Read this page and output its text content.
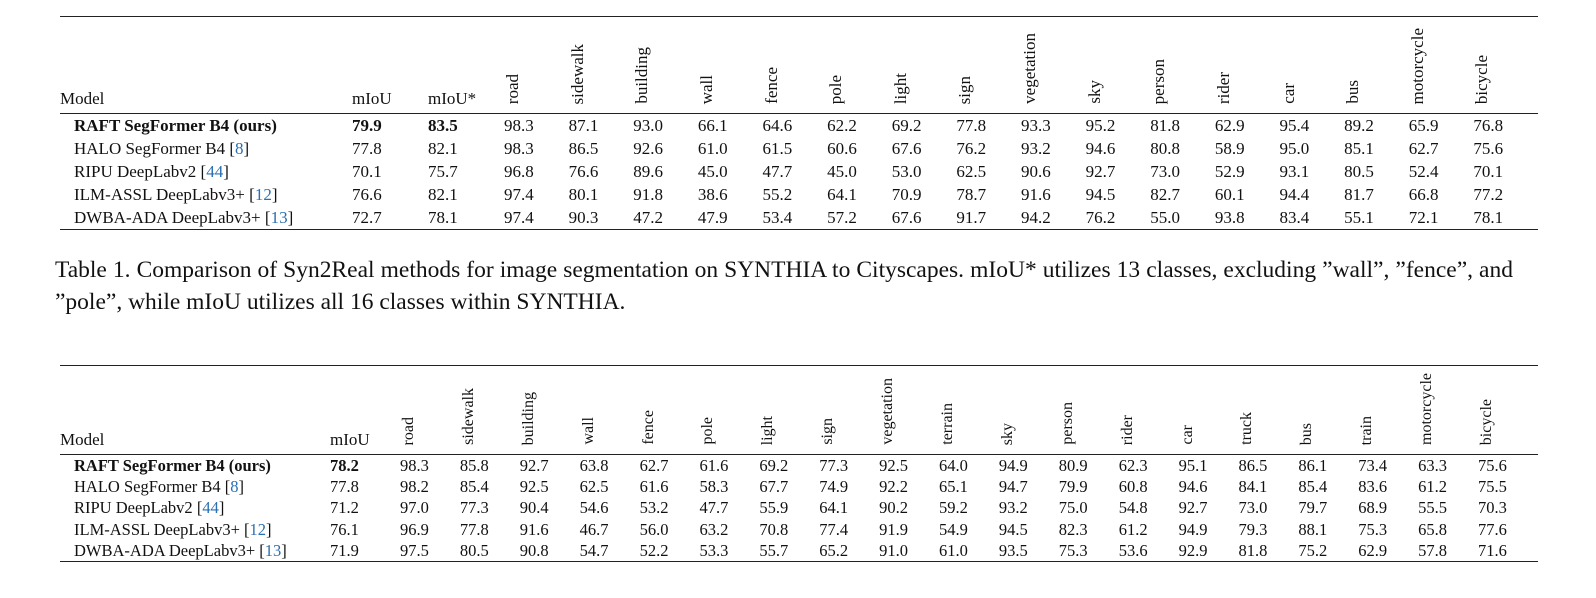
Model	mIoU	mIoU*	road	sidewalk	building	wall	fence	pole	light	sign	vegetation	sky	person	rider	car	bus	motorcycle	bicycle
RAFT SegFormer B4 (ours)	79.9	83.5	98.3	87.1	93.0	66.1	64.6	62.2	69.2	77.8	93.3	95.2	81.8	62.9	95.4	89.2	65.9	76.8
HALO SegFormer B4 [8]	77.8	82.1	98.3	86.5	92.6	61.0	61.5	60.6	67.6	76.2	93.2	94.6	80.8	58.9	95.0	85.1	62.7	75.6
RIPU DeepLabv2 [44]	70.1	75.7	96.8	76.6	89.6	45.0	47.7	45.0	53.0	62.5	90.6	92.7	73.0	52.9	93.1	80.5	52.4	70.1
ILM-ASSL DeepLabv3+ [12]	76.6	82.1	97.4	80.1	91.8	38.6	55.2	64.1	70.9	78.7	91.6	94.5	82.7	60.1	94.4	81.7	66.8	77.2
DWBA-ADA DeepLabv3+ [13]	72.7	78.1	97.4	90.3	47.2	47.9	53.4	57.2	67.6	91.7	94.2	76.2	55.0	93.8	83.4	55.1	72.1	78.1
Table 1. Comparison of Syn2Real methods for image segmentation on SYNTHIA to Cityscapes. mIoU* utilizes 13 classes, excluding ”wall”, ”fence”, and ”pole”, while mIoU utilizes all 16 classes within SYNTHIA.
Model	mIoU	road	sidewalk	building	wall	fence	pole	light	sign	vegetation	terrain	sky	person	rider	car	truck	bus	train	motorcycle	bicycle
RAFT SegFormer B4 (ours)	78.2	98.3	85.8	92.7	63.8	62.7	61.6	69.2	77.3	92.5	64.0	94.9	80.9	62.3	95.1	86.5	86.1	73.4	63.3	75.6
HALO SegFormer B4 [8]	77.8	98.2	85.4	92.5	62.5	61.6	58.3	67.7	74.9	92.2	65.1	94.7	79.9	60.8	94.6	84.1	85.4	83.6	61.2	75.5
RIPU DeepLabv2 [44]	71.2	97.0	77.3	90.4	54.6	53.2	47.7	55.9	64.1	90.2	59.2	93.2	75.0	54.8	92.7	73.0	79.7	68.9	55.5	70.3
ILM-ASSL DeepLabv3+ [12]	76.1	96.9	77.8	91.6	46.7	56.0	63.2	70.8	77.4	91.9	54.9	94.5	82.3	61.2	94.9	79.3	88.1	75.3	65.8	77.6
DWBA-ADA DeepLabv3+ [13]	71.9	97.5	80.5	90.8	54.7	52.2	53.3	55.7	65.2	91.0	61.0	93.5	75.3	53.6	92.9	81.8	75.2	62.9	57.8	71.6
